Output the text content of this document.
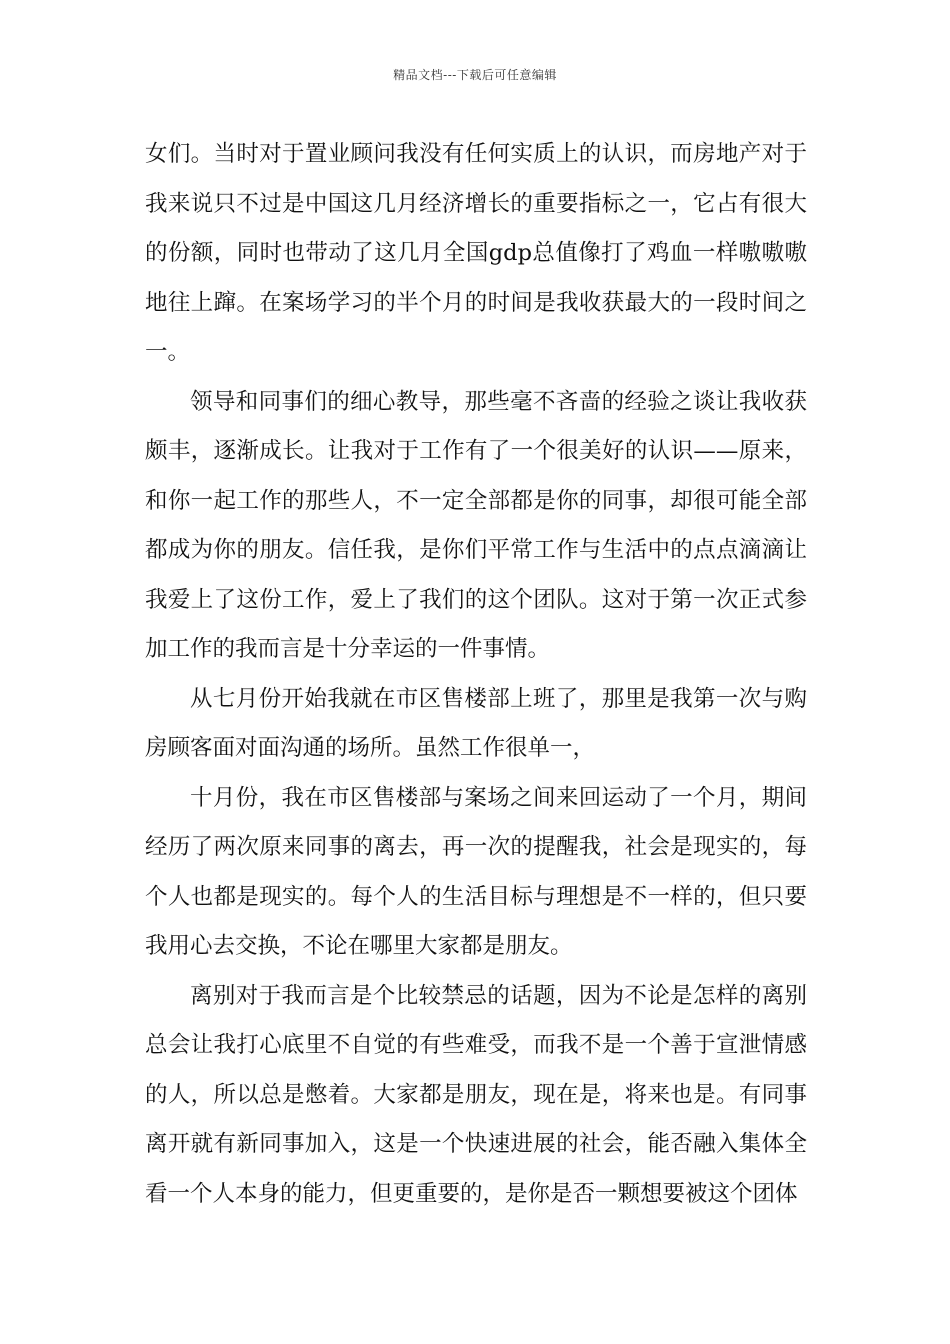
精品文档---下载后可任意编辑

女们。当时对于置业顾问我没有任何实质上的认识，而房地产对于我来说只不过是中国这几月经济增长的重要指标之一，它占有很大的份额，同时也带动了这几月全国gdp总值像打了鸡血一样嗷嗷嗷地往上蹿。在案场学习的半个月的时间是我收获最大的一段时间之一。

领导和同事们的细心教导，那些毫不吝啬的经验之谈让我收获颇丰，逐渐成长。让我对于工作有了一个很美好的认识——原来，和你一起工作的那些人，不一定全部都是你的同事，却很可能全部都成为你的朋友。信任我，是你们平常工作与生活中的点点滴滴让我爱上了这份工作，爱上了我们的这个团队。这对于第一次正式参加工作的我而言是十分幸运的一件事情。

从七月份开始我就在市区售楼部上班了，那里是我第一次与购房顾客面对面沟通的场所。虽然工作很单一，

十月份，我在市区售楼部与案场之间来回运动了一个月，期间经历了两次原来同事的离去，再一次的提醒我，社会是现实的，每个人也都是现实的。每个人的生活目标与理想是不一样的，但只要我用心去交换，不论在哪里大家都是朋友。

离别对于我而言是个比较禁忌的话题，因为不论是怎样的离别总会让我打心底里不自觉的有些难受，而我不是一个善于宣泄情感的人，所以总是憋着。大家都是朋友，现在是，将来也是。有同事离开就有新同事加入，这是一个快速进展的社会，能否融入集体全看一个人本身的能力，但更重要的，是你是否一颗想要被这个团体
